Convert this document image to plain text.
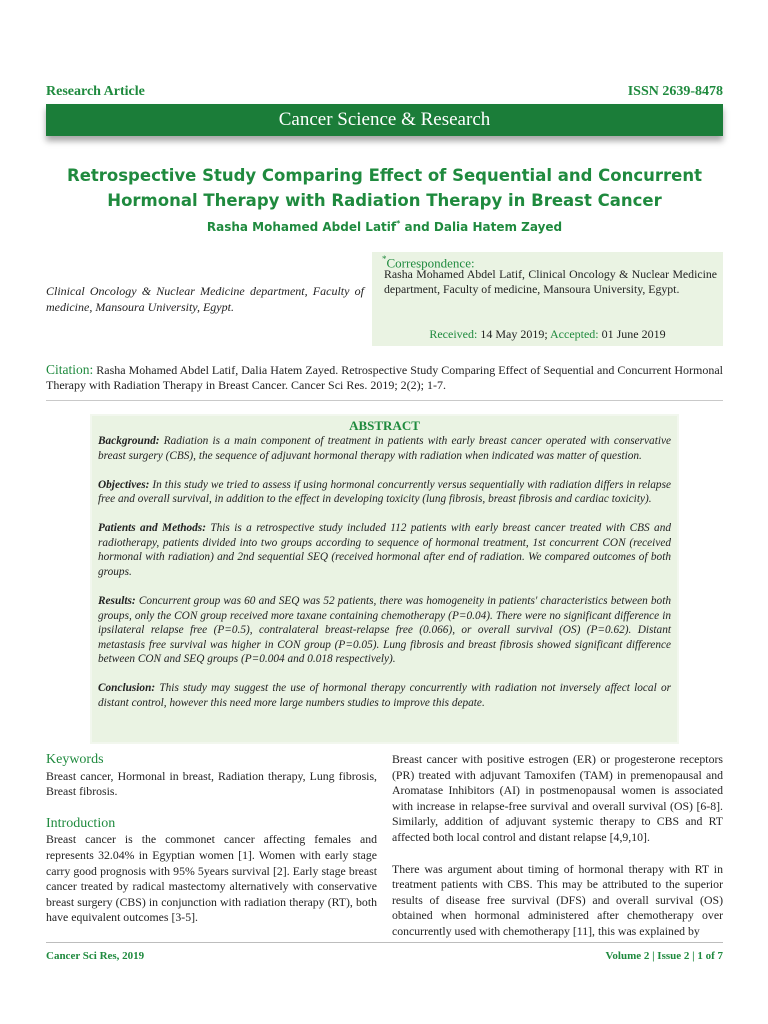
Research Article	ISSN 2639-8478
Cancer Science & Research
Retrospective Study Comparing Effect of Sequential and Concurrent
Hormonal Therapy with Radiation Therapy in Breast Cancer
Rasha Mohamed Abdel Latif* and Dalia Hatem Zayed
Clinical Oncology & Nuclear Medicine department, Faculty of medicine, Mansoura University, Egypt.
*Correspondence:
Rasha Mohamed Abdel Latif, Clinical Oncology & Nuclear Medicine department, Faculty of medicine, Mansoura University, Egypt.
Received: 14 May 2019; Accepted: 01 June 2019
Citation: Rasha Mohamed Abdel Latif, Dalia Hatem Zayed. Retrospective Study Comparing Effect of Sequential and Concurrent Hormonal Therapy with Radiation Therapy in Breast Cancer. Cancer Sci Res. 2019; 2(2); 1-7.
ABSTRACT

Background: Radiation is a main component of treatment in patients with early breast cancer operated with conservative breast surgery (CBS), the sequence of adjuvant hormonal therapy with radiation when indicated was matter of question.

Objectives: In this study we tried to assess if using hormonal concurrently versus sequentially with radiation differs in relapse free and overall survival, in addition to the effect in developing toxicity (lung fibrosis, breast fibrosis and cardiac toxicity).

Patients and Methods: This is a retrospective study included 112 patients with early breast cancer treated with CBS and radiotherapy, patients divided into two groups according to sequence of hormonal treatment, 1st concurrent CON (received hormonal with radiation) and 2nd sequential SEQ (received hormonal after end of radiation. We compared outcomes of both groups.

Results: Concurrent group was 60 and SEQ was 52 patients, there was homogeneity in patients' characteristics between both groups, only the CON group received more taxane containing chemotherapy (P=0.04). There were no significant difference in ipsilateral relapse free (P=0.5), contralateral breast-relapse free (0.066), or overall survival (OS) (P=0.62). Distant metastasis free survival was higher in CON group (P=0.05). Lung fibrosis and breast fibrosis showed significant difference between CON and SEQ groups (P=0.004 and 0.018 respectively).

Conclusion: This study may suggest the use of hormonal therapy concurrently with radiation not inversely affect local or distant control, however this need more large numbers studies to improve this depate.

Keywords

Breast cancer, Hormonal in breast, Radiation therapy, Lung fibrosis, Breast fibrosis.

Introduction

Breast cancer is the commonet cancer affecting females and represents 32.04% in Egyptian women [1]. Women with early stage carry good prognosis with 95% 5years survival [2]. Early stage breast cancer treated by radical mastectomy alternatively with conservative breast surgery (CBS) in conjunction with radiation therapy (RT), both have equivalent outcomes [3-5].

Breast cancer with positive estrogen (ER) or progesterone receptors (PR) treated with adjuvant Tamoxifen (TAM) in premenopausal and Aromatase Inhibitors (AI) in postmenopausal women is associated with increase in relapse-free survival and overall survival (OS) [6-8]. Similarly, addition of adjuvant systemic therapy to CBS and RT affected both local control and distant relapse [4,9,10].

There was argument about timing of hormonal therapy with RT in treatment patients with CBS. This may be attributed to the superior results of disease free survival (DFS) and overall survival (OS) obtained when hormonal administered after chemotherapy over concurrently used with chemotherapy [11], this was explained by

Cancer Sci Res, 2019	Volume 2 | Issue 2 | 1 of 7
